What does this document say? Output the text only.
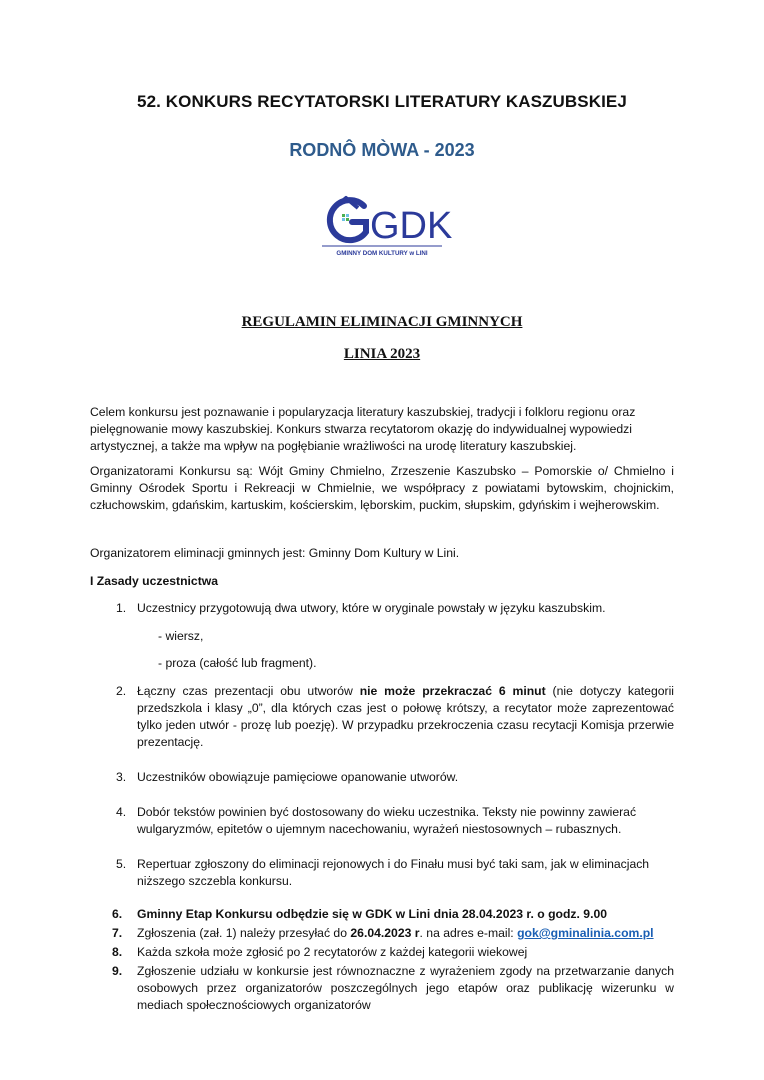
52. KONKURS RECYTATORSKI LITERATURY KASZUBSKIEJ
RODNÔ MÒWA - 2023
GDK
GMINNY DOM KULTURY w LINI
REGULAMIN ELIMINACJI GMINNYCH
LINIA 2023
Celem konkursu jest poznawanie i popularyzacja literatury kaszubskiej, tradycji i folkloru regionu oraz pielęgnowanie mowy kaszubskiej. Konkurs stwarza recytatorom okazję do indywidualnej wypowiedzi artystycznej, a także ma wpływ na pogłębianie wrażliwości na urodę literatury kaszubskiej.
Organizatorami Konkursu są: Wójt Gminy Chmielno, Zrzeszenie Kaszubsko – Pomorskie o/ Chmielno i Gminny Ośrodek Sportu i Rekreacji w Chmielnie, we współpracy z powiatami bytowskim, chojnickim, człuchowskim, gdańskim, kartuskim, kościerskim, lęborskim, puckim, słupskim, gdyńskim i wejherowskim.
Organizatorem eliminacji gminnych jest: Gminny Dom Kultury w Lini.
I Zasady uczestnictwa
1. Uczestnicy przygotowują dwa utwory, które w oryginale powstały w języku kaszubskim.
- wiersz,
- proza (całość lub fragment).
2. Łączny czas prezentacji obu utworów nie może przekraczać 6 minut (nie dotyczy kategorii przedszkola i klasy „0”, dla których czas jest o połowę krótszy, a recytator może zaprezentować tylko jeden utwór - prozę lub poezję). W przypadku przekroczenia czasu recytacji Komisja przerwie prezentację.
3. Uczestników obowiązuje pamięciowe opanowanie utworów.
4. Dobór tekstów powinien być dostosowany do wieku uczestnika. Teksty nie powinny zawierać wulgaryzmów, epitetów o ujemnym nacechowaniu, wyrażeń niestosownych – rubasznych.
5. Repertuar zgłoszony do eliminacji rejonowych i do Finału musi być taki sam, jak w eliminacjach niższego szczebla konkursu.
6. Gminny Etap Konkursu odbędzie się w GDK w Lini dnia 28.04.2023 r. o godz. 9.00
7. Zgłoszenia (zał. 1) należy przesyłać do 26.04.2023 r. na adres e-mail: gok@gminalinia.com.pl
8. Każda szkoła może zgłosić po 2 recytatorów z każdej kategorii wiekowej
9. Zgłoszenie udziału w konkursie jest równoznaczne z wyrażeniem zgody na przetwarzanie danych osobowych przez organizatorów poszczególnych jego etapów oraz publikację wizerunku w mediach społecznościowych organizatorów
